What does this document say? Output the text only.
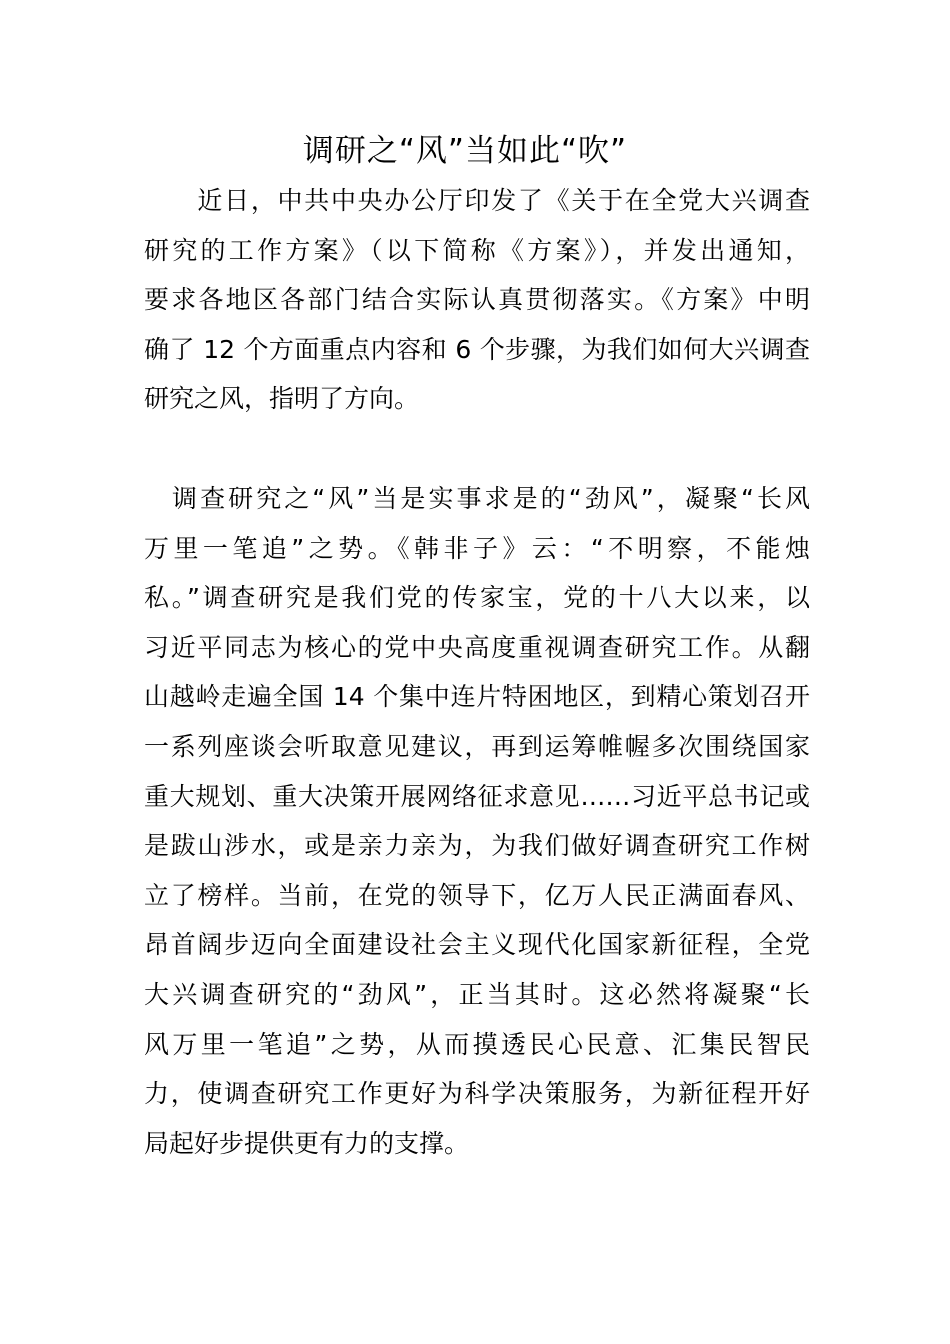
调研之“风”当如此“吹”
　　近日，中共中央办公厅印发了《关于在全党大兴调查
研究的工作方案》（以下简称《方案》），并发出通知，
要求各地区各部门结合实际认真贯彻落实。《方案》中明
确了 12 个方面重点内容和 6 个步骤，为我们如何大兴调查
研究之风，指明了方向。
　调查研究之“风”当是实事求是的“劲风”，凝聚“长风
万里一笔追”之势。《韩非子》云：“不明察，不能烛
私。”调查研究是我们党的传家宝，党的十八大以来，以
习近平同志为核心的党中央高度重视调查研究工作。从翻
山越岭走遍全国 14 个集中连片特困地区，到精心策划召开
一系列座谈会听取意见建议，再到运筹帷幄多次围绕国家
重大规划、重大决策开展网络征求意见……习近平总书记或
是跋山涉水，或是亲力亲为，为我们做好调查研究工作树
立了榜样。当前，在党的领导下，亿万人民正满面春风、
昂首阔步迈向全面建设社会主义现代化国家新征程，全党
大兴调查研究的“劲风”，正当其时。这必然将凝聚“长
风万里一笔追”之势，从而摸透民心民意、汇集民智民
力，使调查研究工作更好为科学决策服务，为新征程开好
局起好步提供更有力的支撑。
